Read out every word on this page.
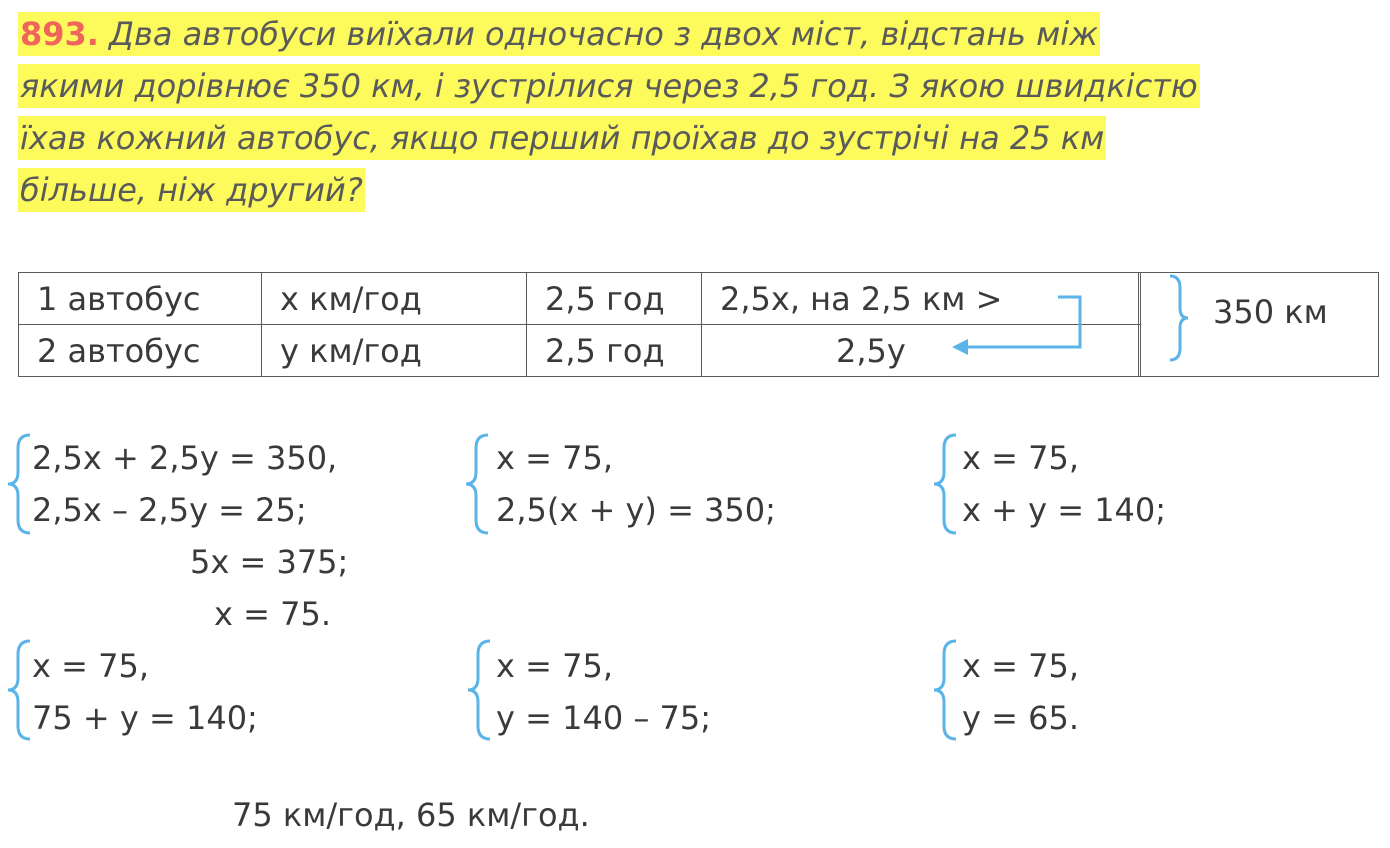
893. Два автобуси виїхали одночасно з двох міст, відстань між
якими дорівнює 350 км, і зустрілися через 2,5 год. З якою швидкістю
їхав кожний автобус, якщо перший проїхав до зустрічі на 25 км
більше, ніж другий?
1 автобус	x км/год	2,5 год	2,5x, на 2,5 км >
2 автобус	y км/год	2,5 год	2,5y
350 км
2,5x + 2,5y = 350,
2,5x – 2,5y = 25;
5x = 375;
x = 75.
x = 75,
2,5(x + y) = 350;
x = 75,
x + y = 140;
x = 75,
75 + y = 140;
x = 75,
y = 140 – 75;
x = 75,
y = 65.
75 км/год, 65 км/год.
